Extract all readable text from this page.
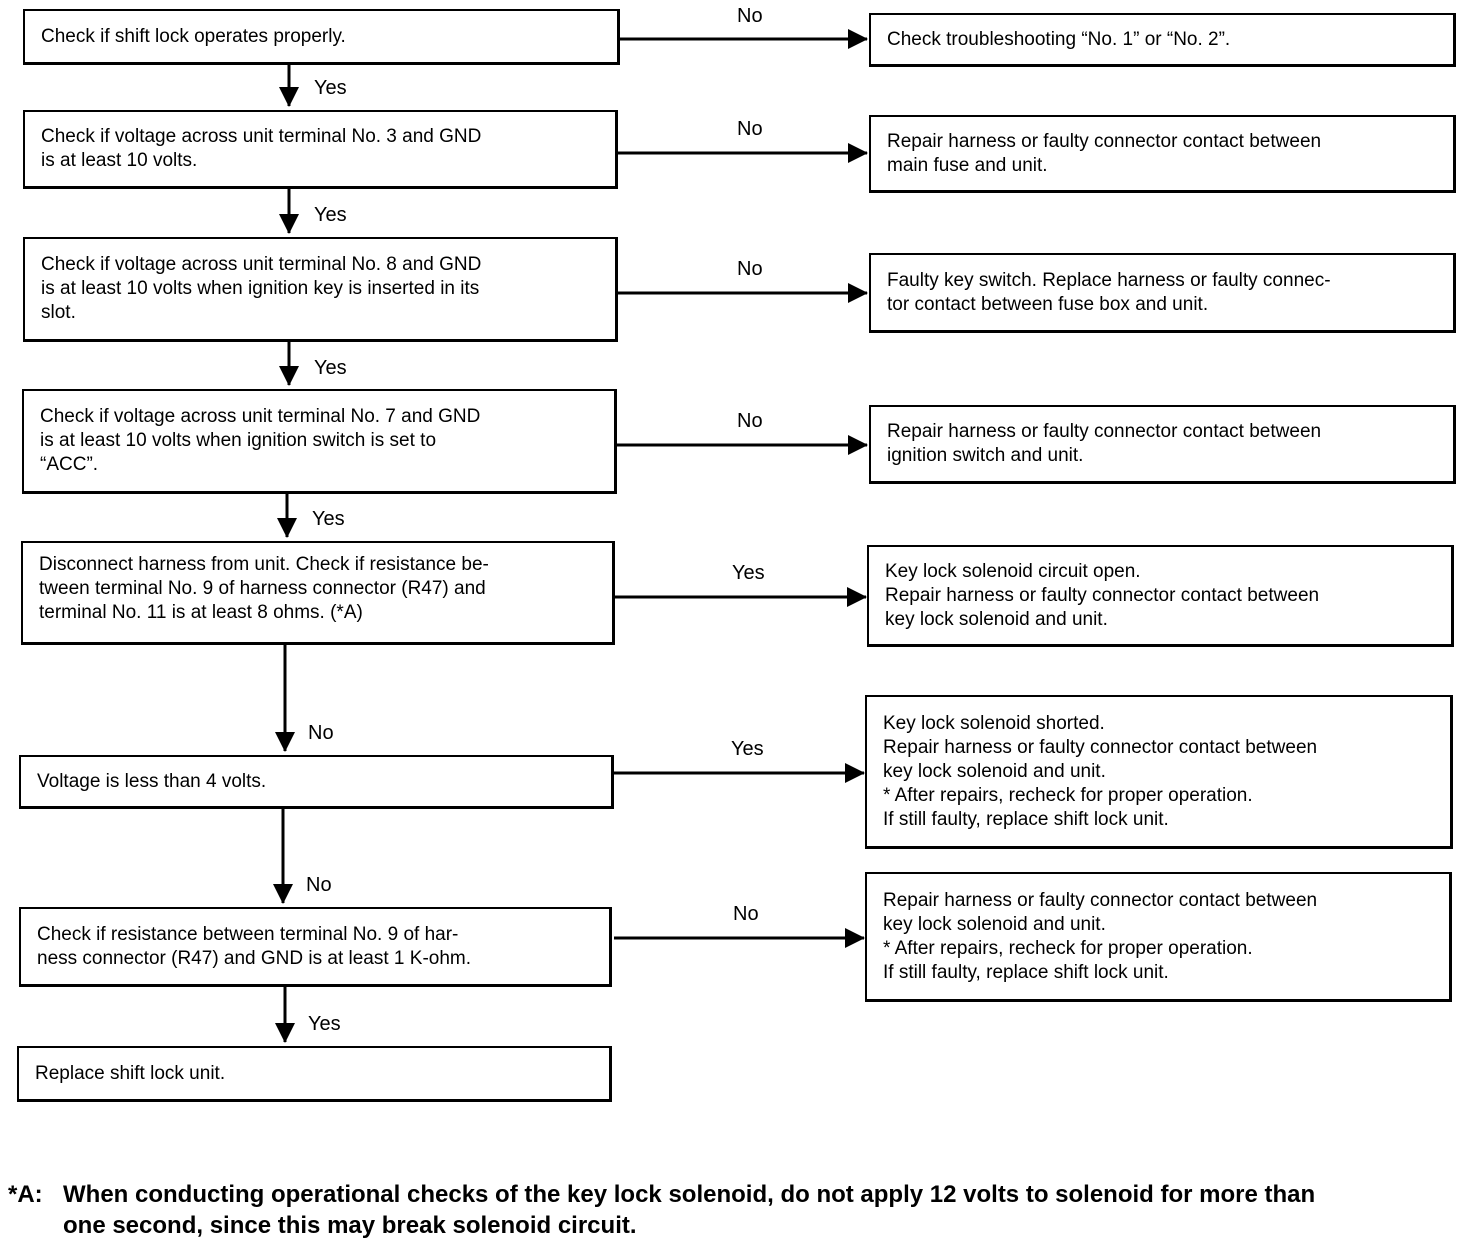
Check if shift lock operates properly.
Check if voltage across unit terminal No. 3 and GND
is at least 10 volts.
Check if voltage across unit terminal No. 8 and GND
is at least 10 volts when ignition key is inserted in its
slot.
Check if voltage across unit terminal No. 7 and GND
is at least 10 volts when ignition switch is set to
“ACC”.
Disconnect harness from unit. Check if resistance be-
tween terminal No. 9 of harness connector (R47) and
terminal No. 11 is at least 8 ohms. (*A)
Voltage is less than 4 volts.
Check if resistance between terminal No. 9 of har-
ness connector (R47) and GND is at least 1 K-ohm.
Replace shift lock unit.
Check troubleshooting “No. 1” or “No. 2”.
Repair harness or faulty connector contact between
main fuse and unit.
Faulty key switch. Replace harness or faulty connec-
tor contact between fuse box and unit.
Repair harness or faulty connector contact between
ignition switch and unit.
Key lock solenoid circuit open.
Repair harness or faulty connector contact between
key lock solenoid and unit.
Key lock solenoid shorted.
Repair harness or faulty connector contact between
key lock solenoid and unit.
* After repairs, recheck for proper operation.
If still faulty, replace shift lock unit.
Repair harness or faulty connector contact between
key lock solenoid and unit.
* After repairs, recheck for proper operation.
If still faulty, replace shift lock unit.
No
No
No
No
Yes
Yes
No
Yes
Yes
Yes
Yes
No
No
Yes
*A: When conducting operational checks of the key lock solenoid, do not apply 12 volts to solenoid for more than
one second, since this may break solenoid circuit.
